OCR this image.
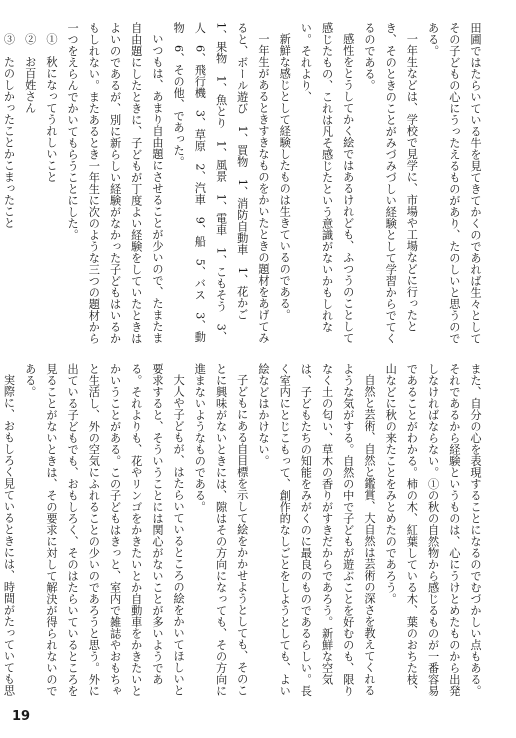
田圃ではたらいている牛を見てきてかくのであれば生々としてその子どもの心にうったえるものがあり、たのしいと思うのである。

一年生などは、学校で見学に、市場や工場などに行ったとき、そのときのことがみづみづしい経験として学習からでてくるのである。

感性をとうしてかく絵ではあるけれども、ふつうのことして感じたもの、これは凡そ感じたという意識がないかもしれない。それより、

新鮮な感じとして経験したものは生きているのである。

一年生があるときすきなものをかいたときの題材をあげてみると、ボール遊び　1、買物　1、消防自動車　1、花かご　1、果物　1、魚とり　1、風景　1、電車　1、こもそう　3、人　6、飛行機　3、草原　2、汽車　9、船　5、バス　3、動物　6、その他、であった。

いつもは、あまり自由題にさせることが少いので、たまたま自由題にしたときに、子どもが丁度よい経験をしていたときはよいのであるが、別に新らしい経験がなかった子どもはいるかもしれない。またあるとき一年生に次のような三つの題材から一つをえらんでかいてもらうことにした。

①　秋になってうれしいこと

②　お百姓さん

③　たのしかったことかこまったこと

また、自分の心を表現することになるのでむづかしい点もある。それであるから経験というものは、心にうけとめたものから出発しなければならない。①の秋の自然物から感じるものが一番容易であることがわかる。柿の木、紅葉している木、葉のおちた枝、山などに秋の来たことをみとめたのであろう。

自然と芸術、自然と鑑賞、大自然は芸術の深さを教えてくれるような気がする。自然の中で子どもが遊ぶことを好むのも、限りなく土の匂い、草木の香りがすきだからであろう。新鮮な空気は、子どもたちの知能をみがくのに最良のものであるらしい。長く室内にとじこもって、創作的なしごとをしようとしても、よい絵などはかけない。

子どもにある自目標を示して絵をかかせようとしても、そのことに興味がないときには、隙はその方向になっても、その方向に進まないようなものである。

大人や子どもが、はたらいているところの絵をかいてほしいと要求すると、そういうことには関心がないことが多いようである。それよりも、花やリンゴをかきたいとか自動車をかきたいとかいうことがある。この子どもはきっと、室内で雑誌やおもちゃと生活し、外の空気にふれることの少いのであろうと思う。外に出ている子どもでも、おもしろく、そのはたらいているところを見ることがないときは、その要求に対して解決が得られないのである。

実際に、おもしろく見ているときには、時間がたっていても思

19
